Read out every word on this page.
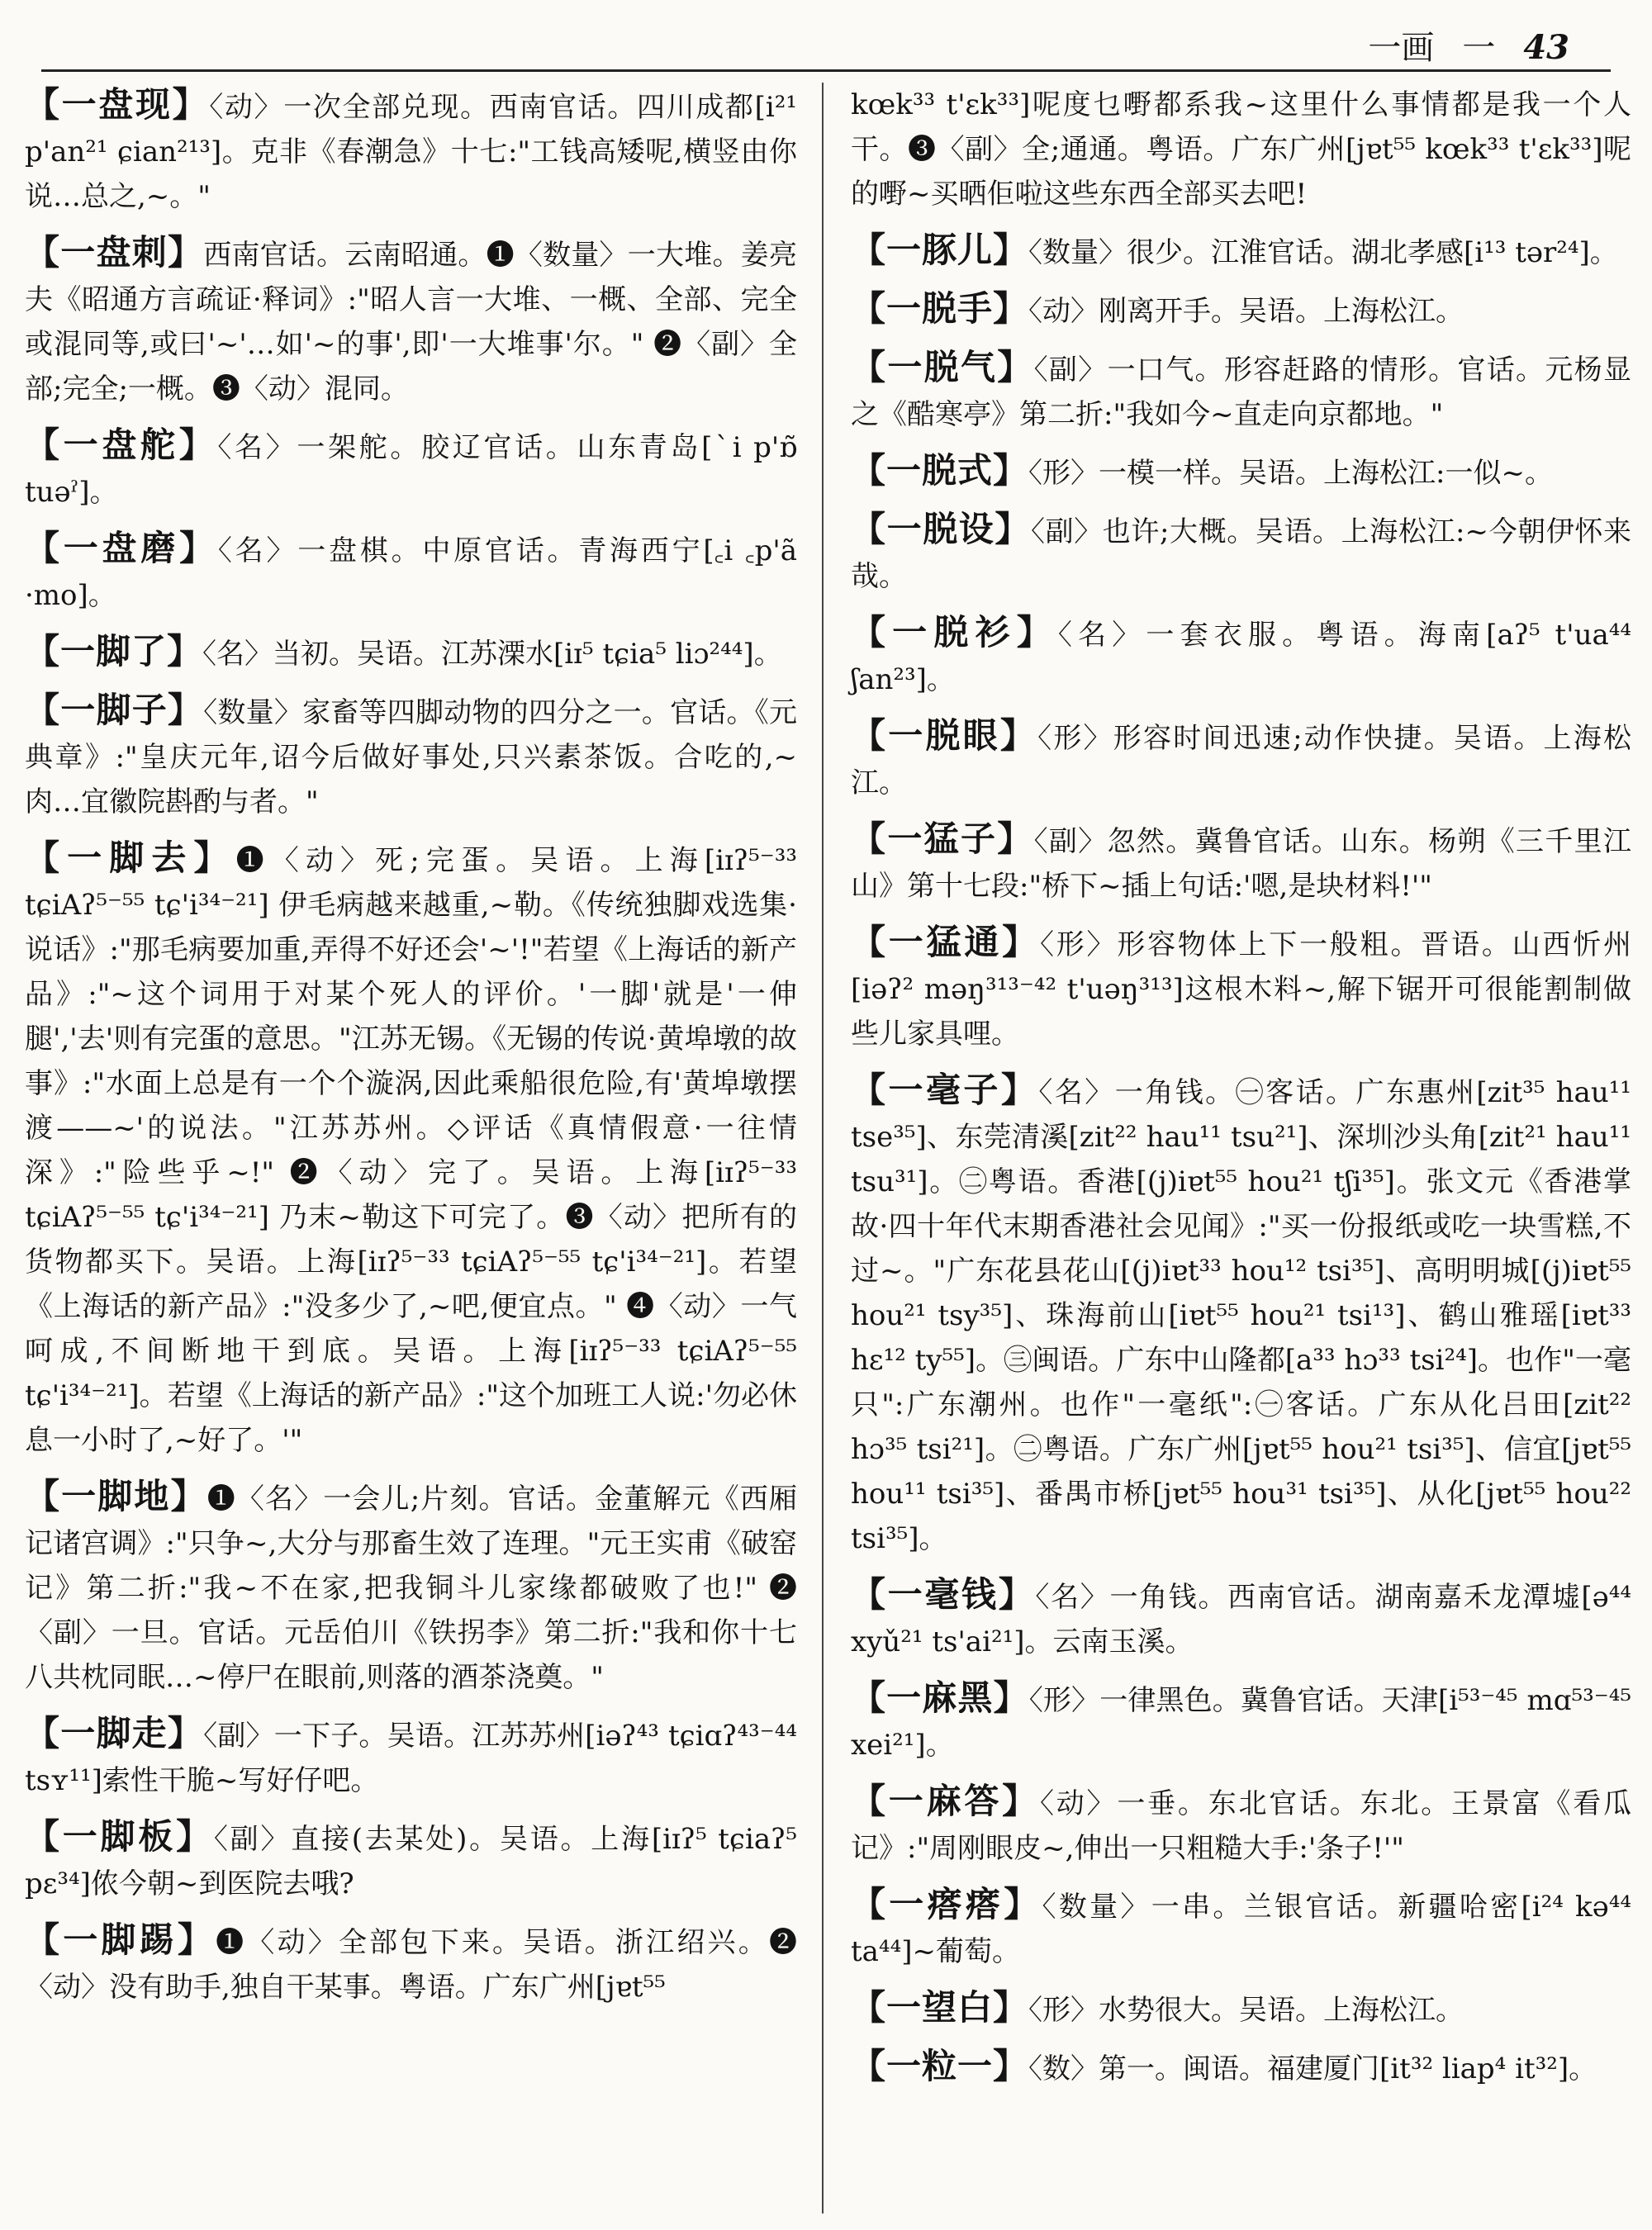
一画 一 43
【一盘现】〈动〉一次全部兑现。西南官话。四川成都[i²¹ p'an²¹ ɕian²¹³]。克非《春潮急》十七:"工钱高矮呢,横竖由你说…总之,~。"
【一盘刺】西南官话。云南昭通。❶〈数量〉一大堆。姜亮夫《昭通方言疏证·释词》:"昭人言一大堆、一概、全部、完全或混同等,或曰'~'…如'~的事',即'一大堆事'尔。" ❷〈副〉全部;完全;一概。❸〈动〉混同。
【一盘舵】〈名〉一架舵。胶辽官话。山东青岛[ˋi p'ɒ̃ tuəˀ]。
【一盘磨】〈名〉一盘棋。中原官话。青海西宁[꜀i ꜀p'ã ·mo]。
【一脚了】〈名〉当初。吴语。江苏溧水[iɪ⁵ tɕia⁵ liɔ²⁴⁴]。
【一脚子】〈数量〉家畜等四脚动物的四分之一。官话。《元典章》:"皇庆元年,诏今后做好事处,只兴素茶饭。合吃的,~肉…宜徽院斟酌与者。"
【一脚去】❶〈动〉死;完蛋。吴语。上海[iɪʔ⁵⁻³³ tɕiAʔ⁵⁻⁵⁵ tɕ'i³⁴⁻²¹] 伊毛病越来越重,~勒。《传统独脚戏选集·说话》:"那毛病要加重,弄得不好还会'~'!"若望《上海话的新产品》:"~这个词用于对某个死人的评价。'一脚'就是'一伸腿','去'则有完蛋的意思。"江苏无锡。《无锡的传说·黄埠墩的故事》:"水面上总是有一个个漩涡,因此乘船很危险,有'黄埠墩摆渡——~'的说法。"江苏苏州。◇评话《真情假意·一往情深》:"险些乎~!" ❷〈动〉完了。吴语。上海[iɪʔ⁵⁻³³ tɕiAʔ⁵⁻⁵⁵ tɕ'i³⁴⁻²¹] 乃末~勒这下可完了。❸〈动〉把所有的货物都买下。吴语。上海[iɪʔ⁵⁻³³ tɕiAʔ⁵⁻⁵⁵ tɕ'i³⁴⁻²¹]。若望《上海话的新产品》:"没多少了,~吧,便宜点。" ❹〈动〉一气呵成,不间断地干到底。吴语。上海[iɪʔ⁵⁻³³ tɕiAʔ⁵⁻⁵⁵ tɕ'i³⁴⁻²¹]。若望《上海话的新产品》:"这个加班工人说:'勿必休息一小时了,~好了。'"
【一脚地】❶〈名〉一会儿;片刻。官话。金董解元《西厢记诸宫调》:"只争~,大分与那畜生效了连理。"元王实甫《破窑记》第二折:"我~不在家,把我铜斗儿家缘都破败了也!" ❷〈副〉一旦。官话。元岳伯川《铁拐李》第二折:"我和你十七八共枕同眠…~停尸在眼前,则落的酒茶浇奠。"
【一脚走】〈副〉一下子。吴语。江苏苏州[iəʔ⁴³ tɕiɑʔ⁴³⁻⁴⁴ tsʏ¹¹]索性干脆~写好仔吧。
【一脚板】〈副〉直接(去某处)。吴语。上海[iɪʔ⁵ tɕiaʔ⁵ pɛ³⁴]侬今朝~到医院去哦?
【一脚踢】❶〈动〉全部包下来。吴语。浙江绍兴。❷〈动〉没有助手,独自干某事。粤语。广东广州[jɐt⁵⁵
kœk³³ t'ɛk³³]呢度乜嘢都系我~这里什么事情都是我一个人干。❸〈副〉全;通通。粤语。广东广州[jɐt⁵⁵ kœk³³ t'ɛk³³]呢的嘢~买晒佢啦这些东西全部买去吧!
【一豚儿】〈数量〉很少。江淮官话。湖北孝感[i¹³ tər²⁴]。
【一脱手】〈动〉刚离开手。吴语。上海松江。
【一脱气】〈副〉一口气。形容赶路的情形。官话。元杨显之《酷寒亭》第二折:"我如今~直走向京都地。"
【一脱式】〈形〉一模一样。吴语。上海松江:一似~。
【一脱设】〈副〉也许;大概。吴语。上海松江:~今朝伊怀来哉。
【一脱衫】〈名〉一套衣服。粤语。海南[aʔ⁵ t'ua⁴⁴ ʃan²³]。
【一脱眼】〈形〉形容时间迅速;动作快捷。吴语。上海松江。
【一猛子】〈副〉忽然。冀鲁官话。山东。杨朔《三千里江山》第十七段:"桥下~插上句话:'嗯,是块材料!'"
【一猛通】〈形〉形容物体上下一般粗。晋语。山西忻州[iəʔ² məŋ³¹³⁻⁴² t'uəŋ³¹³]这根木料~,解下锯开可很能割制做些儿家具哩。
【一毫子】〈名〉一角钱。㊀客话。广东惠州[zit³⁵ hau¹¹ tse³⁵]、东莞清溪[zit²² hau¹¹ tsu²¹]、深圳沙头角[zit²¹ hau¹¹ tsu³¹]。㊁粤语。香港[(j)iɐt⁵⁵ hou²¹ tʃi³⁵]。张文元《香港掌故·四十年代末期香港社会见闻》:"买一份报纸或吃一块雪糕,不过~。"广东花县花山[(j)iɐt³³ hou¹² tsi³⁵]、高明明城[(j)iɐt⁵⁵ hou²¹ tsy³⁵]、珠海前山[iɐt⁵⁵ hou²¹ tsi¹³]、鹤山雅瑶[iɐt³³ hɛ¹² ty⁵⁵]。㊂闽语。广东中山隆都[a³³ hɔ³³ tsi²⁴]。也作"一毫只":广东潮州。也作"一毫纸":㊀客话。广东从化吕田[zit²² hɔ³⁵ tsi²¹]。㊁粤语。广东广州[jɐt⁵⁵ hou²¹ tsi³⁵]、信宜[jɐt⁵⁵ hou¹¹ tsi³⁵]、番禺市桥[jɐt⁵⁵ hou³¹ tsi³⁵]、从化[jɐt⁵⁵ hou²² tsi³⁵]。
【一毫钱】〈名〉一角钱。西南官话。湖南嘉禾龙潭墟[ə⁴⁴ xyǔ²¹ ts'ai²¹]。云南玉溪。
【一麻黑】〈形〉一律黑色。冀鲁官话。天津[i⁵³⁻⁴⁵ mɑ⁵³⁻⁴⁵ xei²¹]。
【一麻答】〈动〉一垂。东北官话。东北。王景富《看瓜记》:"周刚眼皮~,伸出一只粗糙大手:'条子!'"
【一瘩瘩】〈数量〉一串。兰银官话。新疆哈密[i²⁴ kə⁴⁴ ta⁴⁴]~葡萄。
【一望白】〈形〉水势很大。吴语。上海松江。
【一粒一】〈数〉第一。闽语。福建厦门[it³² liap⁴ it³²]。
